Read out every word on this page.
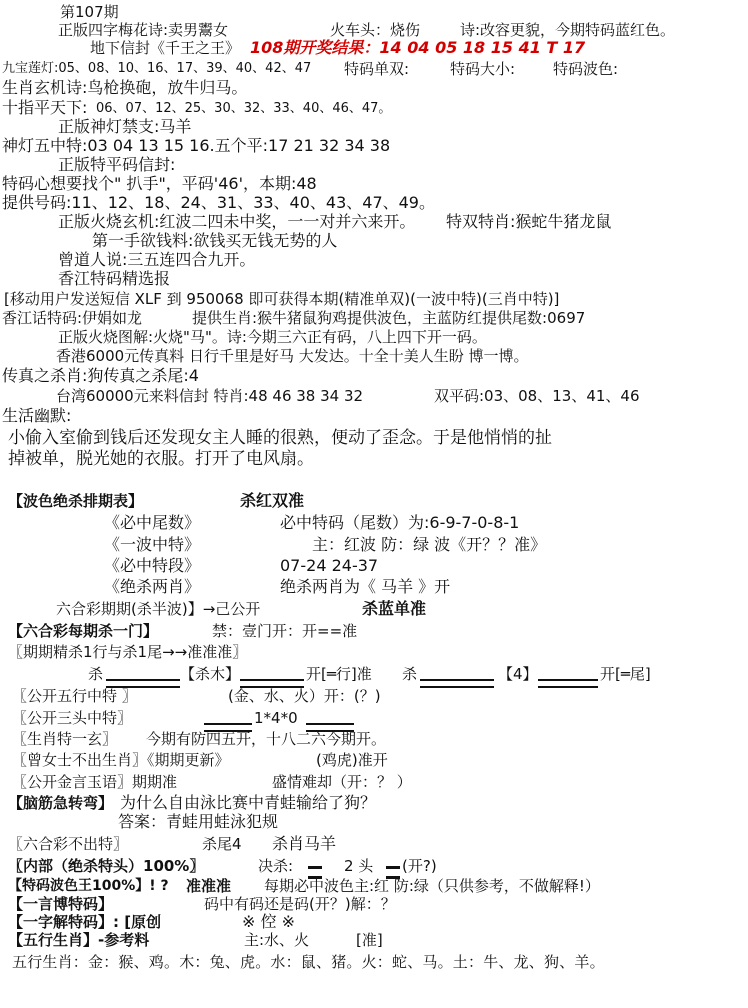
第107期
正版四字梅花诗:卖男鬻女	火车头：烧伤	诗:改容更貌，今期特码蓝红色。
地下信封《千王之王》 108期开奖结果：14 04 05 18 15 41 T 17
九宝莲灯:05、08、10、16、17、39、40、42、47 特码单双:	特码大小:	特码波色:
生肖玄机诗:鸟枪换砲，放牛归马。
十指平天下: 06、07、12、25、30、32、33、40、46、47。
正版神灯禁支:马羊
神灯五中特:03 04 13 15 16.五个平:17 21 32 34 38
正版特平码信封:
特码心想要找个" 扒手"，平码'46'，本期:48
提供号码:11、12、18、24、31、33、40、43、47、49。
正版火烧玄机:红波二四未中奖，一一对并六来开。 特双特肖:猴蛇牛猪龙鼠
第一手欲钱料:欲钱买无钱无势的人
曾道人说:三五连四合九开。
香江特码精选报
[移动用户发送短信 XLF 到 950068 即可获得本期(精准单双)(一波中特)(三肖中特)]
香江话特码:伊娟如龙	提供生肖:猴牛猪鼠狗鸡提供波色，主蓝防红提供尾数:0697
正版火烧图解:火烧"马"。诗:今期三六正有码，八上四下开一码。
香港6000元传真料 日行千里是好马 大发达。十全十美人生盼 博一博。
传真之杀肖:狗传真之杀尾:4
台湾60000元来料信封 特肖:48 46 38 34 32	双平码:03、08、13、41、46
生活幽默:
小偷入室偷到钱后还发现女主人睡的很熟，便动了歪念。于是他悄悄的扯
掉被单，脱光她的衣服。打开了电风扇。
【波色绝杀排期表】	杀红双准
《必中尾数》	必中特码（尾数）为:6-9-7-0-8-1
《一波中特》	主：红波 防：绿 波《开？？准》
《必中特段》	07-24 24-37
《绝杀两肖》	绝杀两肖为《 马羊 》开
六合彩期期(杀半波)】→己公开	杀蓝单准
【六合彩每期杀一门】	禁：壹门开：开==准
〖期期精杀1行与杀1尾→→准准准〗
杀	【杀木】	开[═行]准 杀	【4】	开[═尾]
〖公开五行中特 〗	(金、水、火）开：(？)
〖公开三头中特〗	1*4*0
〖生肖特一玄〗 今期有防四五开，十八二六今期开。
〖曾女士不出生肖〗《期期更新》	(鸡虎)准开
〖公开金言玉语〗期期准	盛情难却（开：？ ）
【脑筋急转弯】 为什么自由泳比赛中青蛙输给了狗？
答案：青蛙用蛙泳犯规
〖六合彩不出特〗	杀尾4 杀肖马羊
〖内部（绝杀特头）100%〗	决杀:	2 头 (开?)
【特码波色王100%】! ? 准准准 每期必中波色主:红 防:绿（只供参考，不做解释!）
【一言博特码】	码中有码还是码(开？)解：？
【一字解特码】: [原创	※ 倥 ※
【五行生肖】-参考料	主:水、火	[准]
五行生肖：金：猴、鸡。木：兔、虎。水：鼠、猪。火：蛇、马。土：牛、龙、狗、羊。
